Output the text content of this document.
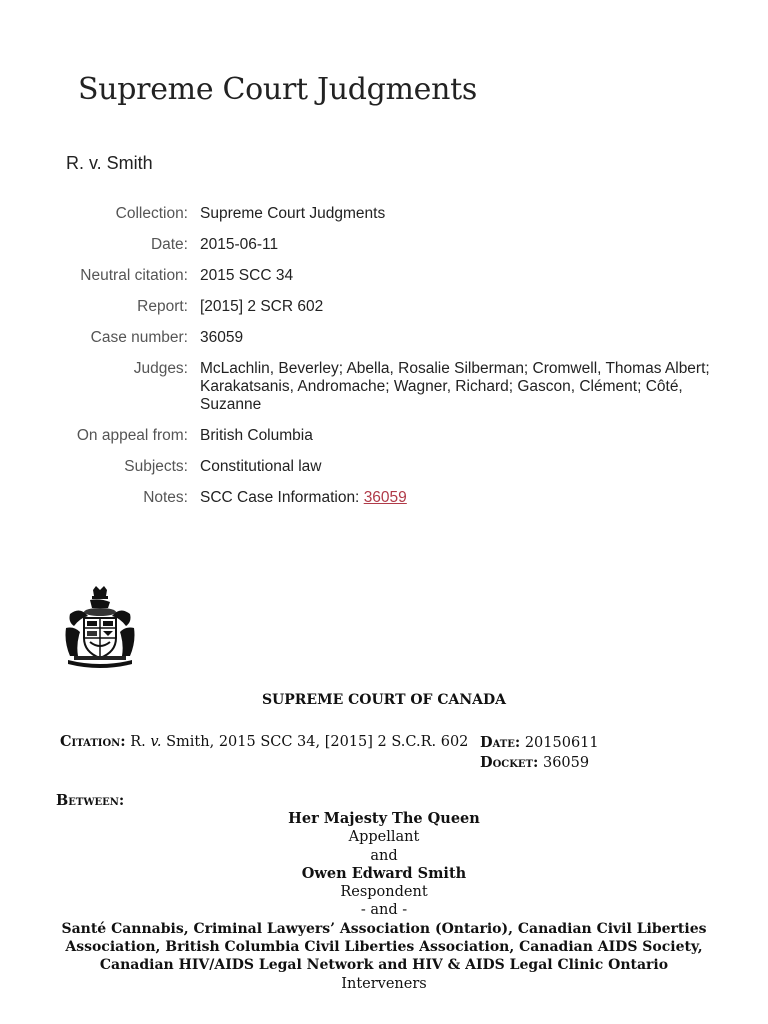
Supreme Court Judgments
R. v. Smith
Collection: Supreme Court Judgments
Date: 2015-06-11
Neutral citation: 2015 SCC 34
Report: [2015] 2 SCR 602
Case number: 36059
Judges: McLachlin, Beverley; Abella, Rosalie Silberman; Cromwell, Thomas Albert; Karakatsanis, Andromache; Wagner, Richard; Gascon, Clément; Côté, Suzanne
On appeal from: British Columbia
Subjects: Constitutional law
Notes: SCC Case Information: 36059
SUPREME COURT OF CANADA
Citation: R. v. Smith, 2015 SCC 34, [2015] 2 S.C.R. 602 Date: 20150611
Docket: 36059
Between:
Her Majesty The Queen
Appellant
and
Owen Edward Smith
Respondent
- and -
Santé Cannabis, Criminal Lawyers’ Association (Ontario), Canadian Civil Liberties Association, British Columbia Civil Liberties Association, Canadian AIDS Society, Canadian HIV/AIDS Legal Network and HIV & AIDS Legal Clinic Ontario
Interveners
